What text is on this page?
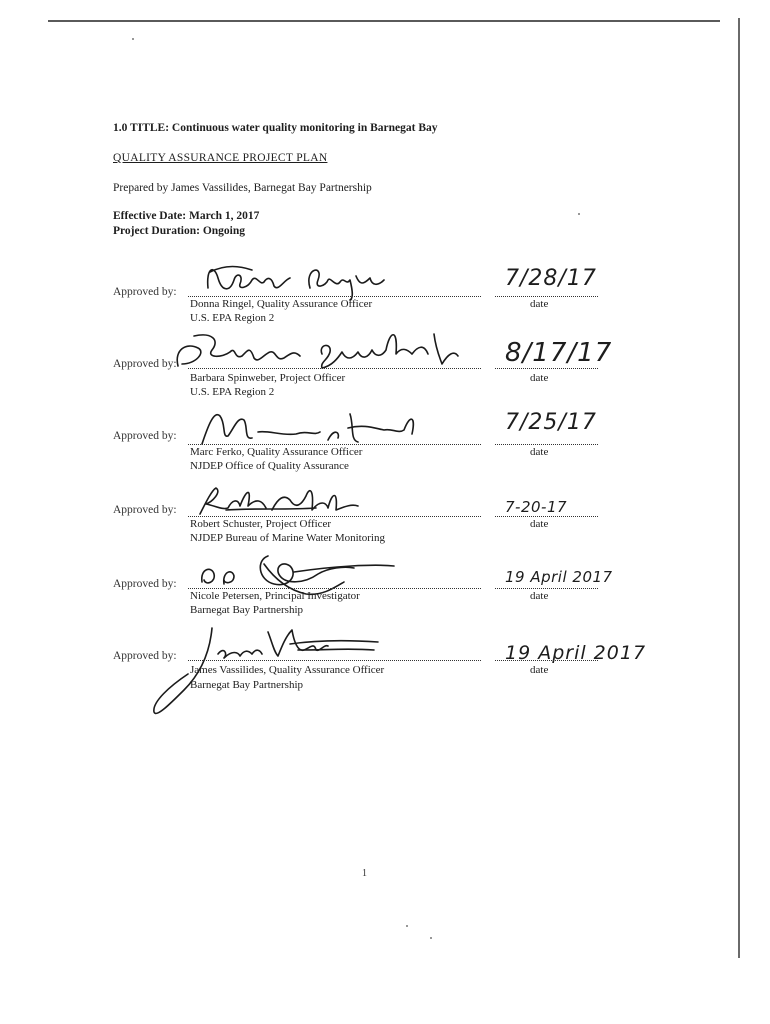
1.0 TITLE: Continuous water quality monitoring in Barnegat Bay
QUALITY ASSURANCE PROJECT PLAN
Prepared by James Vassilides, Barnegat Bay Partnership
Effective Date: March 1, 2017
Project Duration: Ongoing
Approved by:
7/28/17
Donna Ringel, Quality Assurance Officer
U.S. EPA Region 2
date
Approved by:	8/17/17
Barbara Spinweber, Project Officer
U.S. EPA Region 2
date
Approved by:
7/25/17
Marc Ferko, Quality Assurance Officer
NJDEP Office of Quality Assurance
date
Approved by:	7-20-17
Robert Schuster, Project Officer
NJDEP Bureau of Marine Water Monitoring
date
Approved by:	19 April 2017
Nicole Petersen, Principal Investigator
Barnegat Bay Partnership
date
Approved by:	19 April 2017
James Vassilides, Quality Assurance Officer
Barnegat Bay Partnership
date
1
